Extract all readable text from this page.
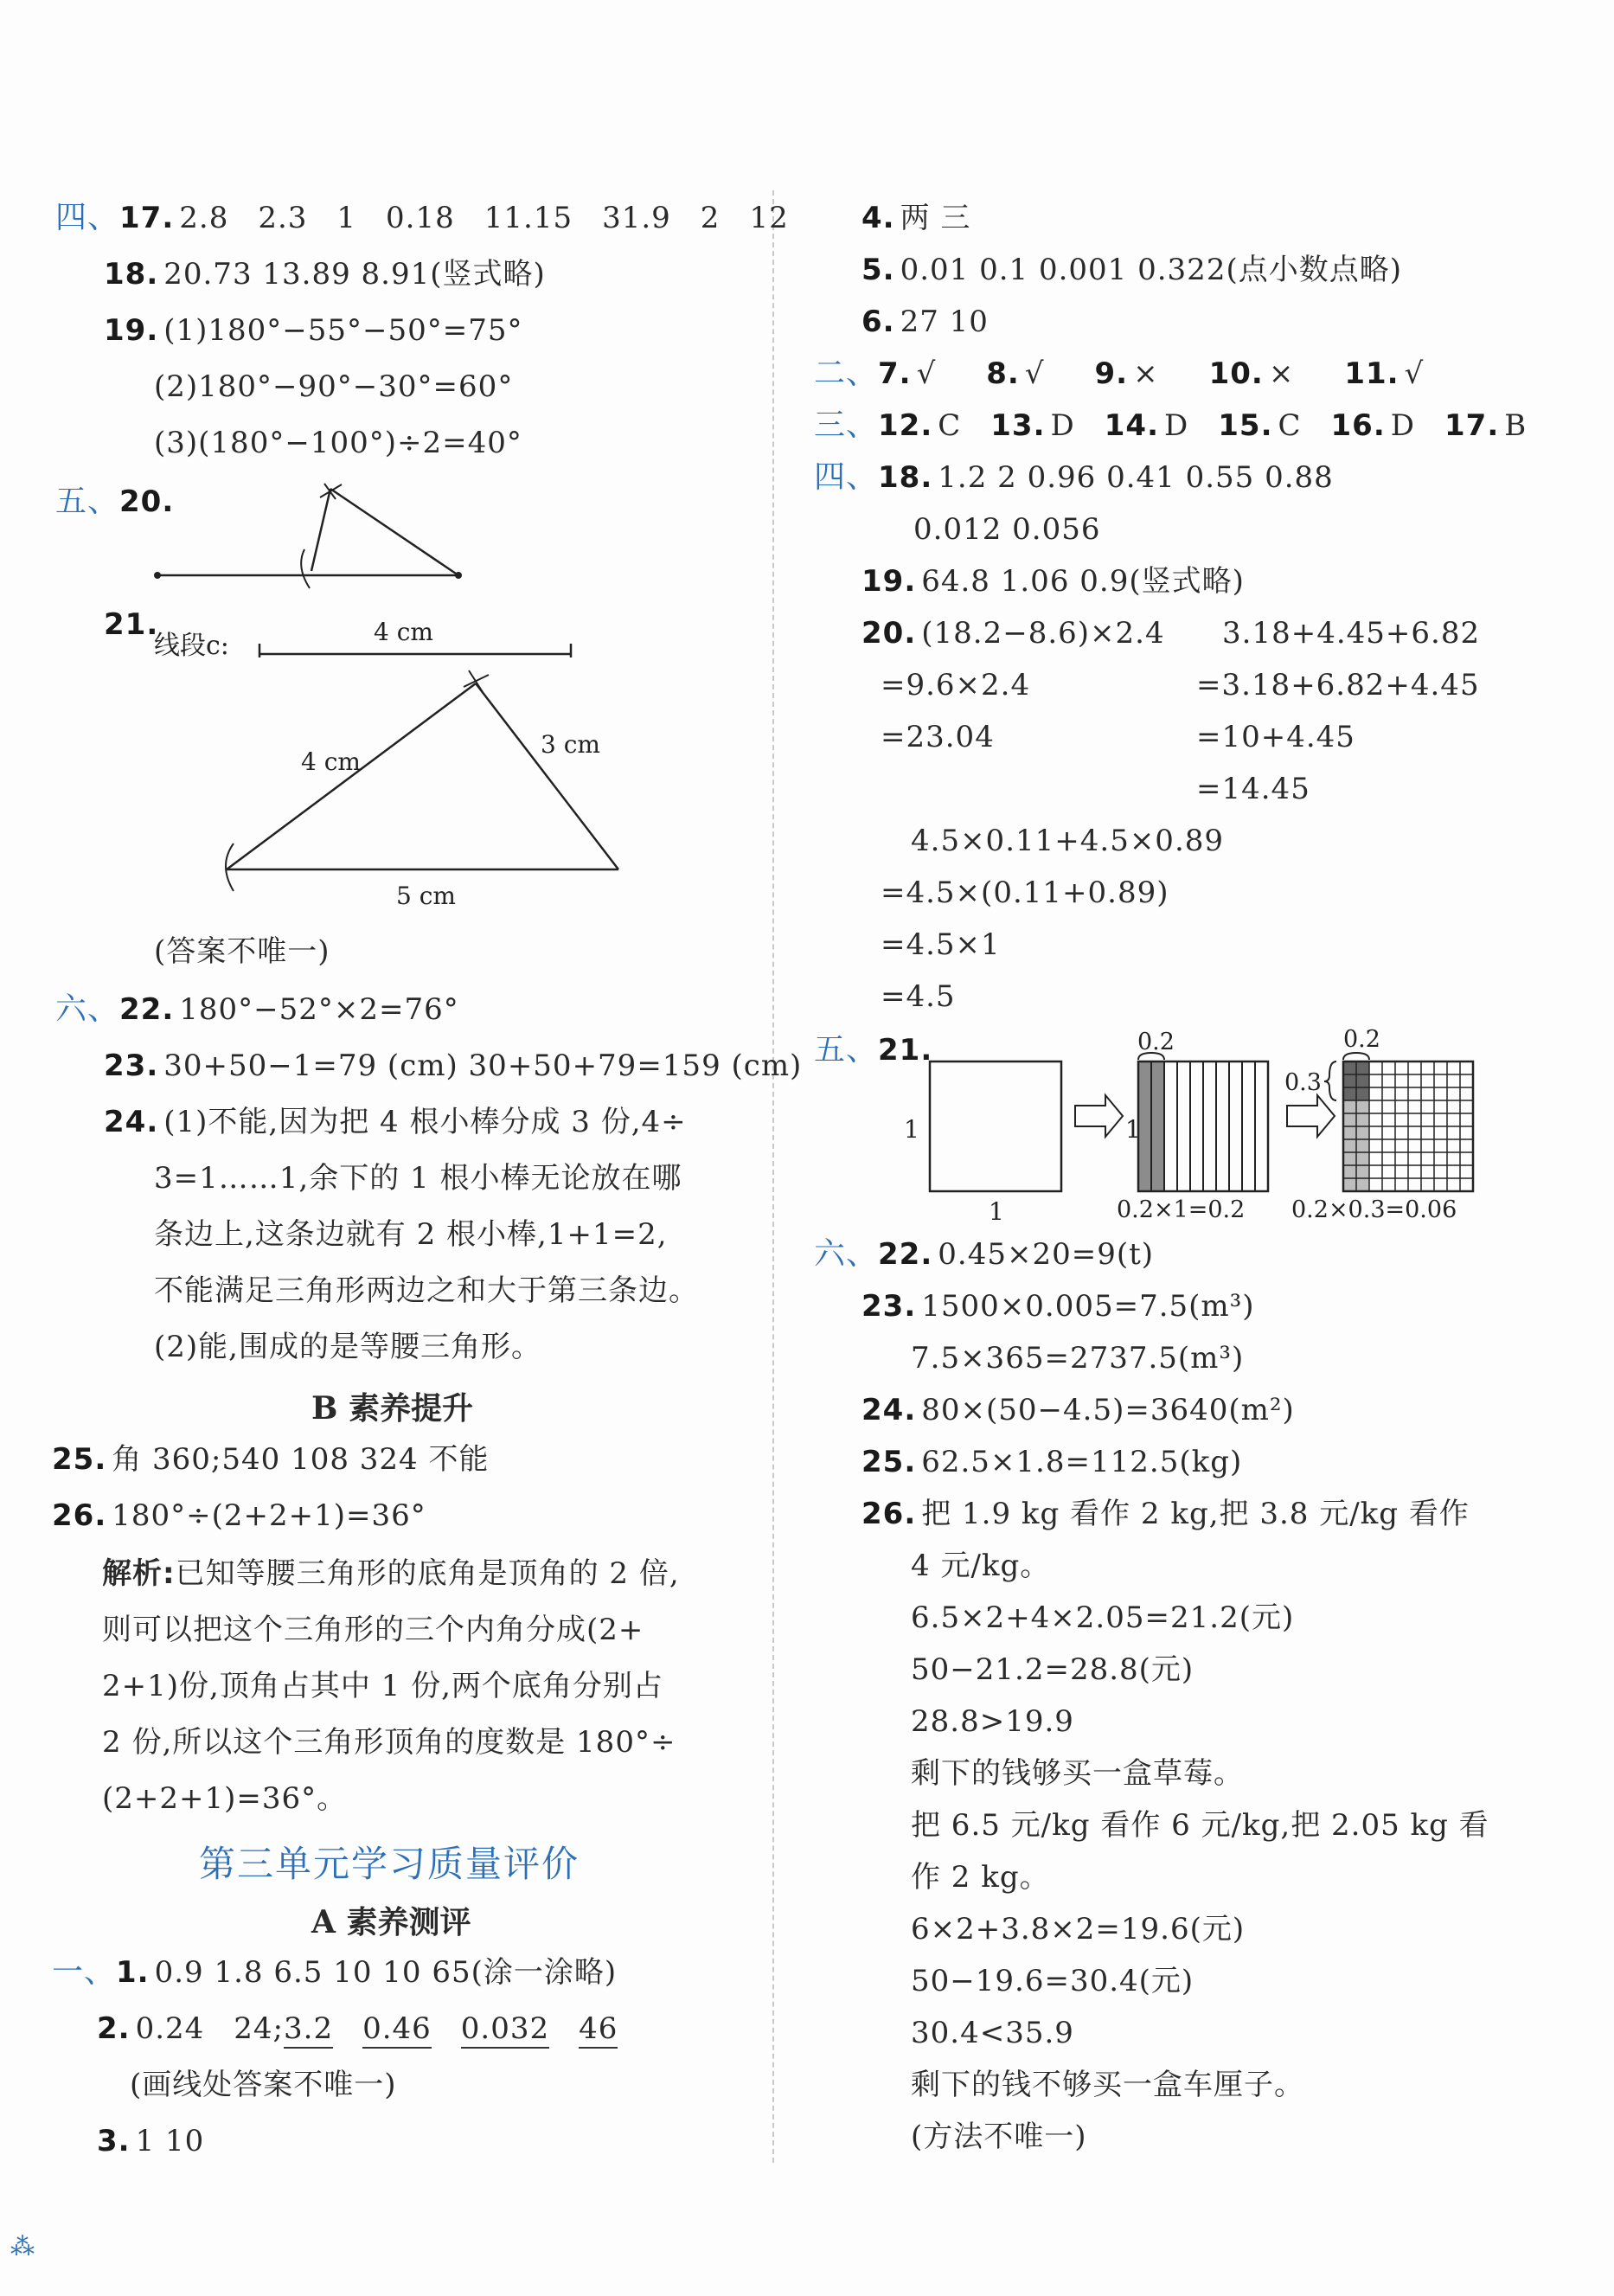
四、17. 2.8 2.3 1 0.18 11.15 31.9 2 12
18. 20.73 13.89 8.91(竖式略)
19. (1)180°−55°−50°=75°
(2)180°−90°−30°=60°
(3)(180°−100°)÷2=40°
五、20.
21.
线段c:	4 cm
4 cm
3 cm
5 cm
(答案不唯一)
六、22. 180°−52°×2=76°
23. 30+50−1=79 (cm) 30+50+79=159 (cm)
24. (1)不能,因为把 4 根小棒分成 3 份,4÷
3=1……1,余下的 1 根小棒无论放在哪
条边上,这条边就有 2 根小棒,1+1=2,
不能满足三角形两边之和大于第三条边。
(2)能,围成的是等腰三角形。
B 素养提升
25. 角 360;540 108 324 不能
26. 180°÷(2+2+1)=36°
解析:已知等腰三角形的底角是顶角的 2 倍,
则可以把这个三角形的三个内角分成(2+
2+1)份,顶角占其中 1 份,两个底角分别占
2 份,所以这个三角形顶角的度数是 180°÷
(2+2+1)=36°。
第三单元学习质量评价
A 素养测评
一、1. 0.9 1.8 6.5 10 10 65(涂一涂略)
2. 0.24 24;3.2 0.46 0.032 46
(画线处答案不唯一)
3. 1 10
4. 两 三
5. 0.01 0.1 0.001 0.322(点小数点略)
6. 27 10
二、7. √ 8. √ 9. × 10. × 11. √
三、12. C 13. D 14. D 15. C 16. D 17. B
四、18. 1.2 2 0.96 0.41 0.55 0.88
0.012 0.056
19. 64.8 1.06 0.9(竖式略)
20. (18.2−8.6)×2.4 3.18+4.45+6.82
=9.6×2.4	=3.18+6.82+4.45
=23.04	=10+4.45
=14.45
4.5×0.11+4.5×0.89
=4.5×(0.11+0.89)
=4.5×1
=4.5
五、21.
1
1
1
0.2
0.2×1=0.2
0.2
0.3
0.2×0.3=0.06
六、22. 0.45×20=9(t)
23. 1500×0.005=7.5(m³)
7.5×365=2737.5(m³)
24. 80×(50−4.5)=3640(m²)
25. 62.5×1.8=112.5(kg)
26. 把 1.9 kg 看作 2 kg,把 3.8 元/kg 看作
4 元/kg。
6.5×2+4×2.05=21.2(元)
50−21.2=28.8(元)
28.8>19.9
剩下的钱够买一盒草莓。
把 6.5 元/kg 看作 6 元/kg,把 2.05 kg 看
作 2 kg。
6×2+3.8×2=19.6(元)
50−19.6=30.4(元)
30.4<35.9
剩下的钱不够买一盒车厘子。
(方法不唯一)
⁂
